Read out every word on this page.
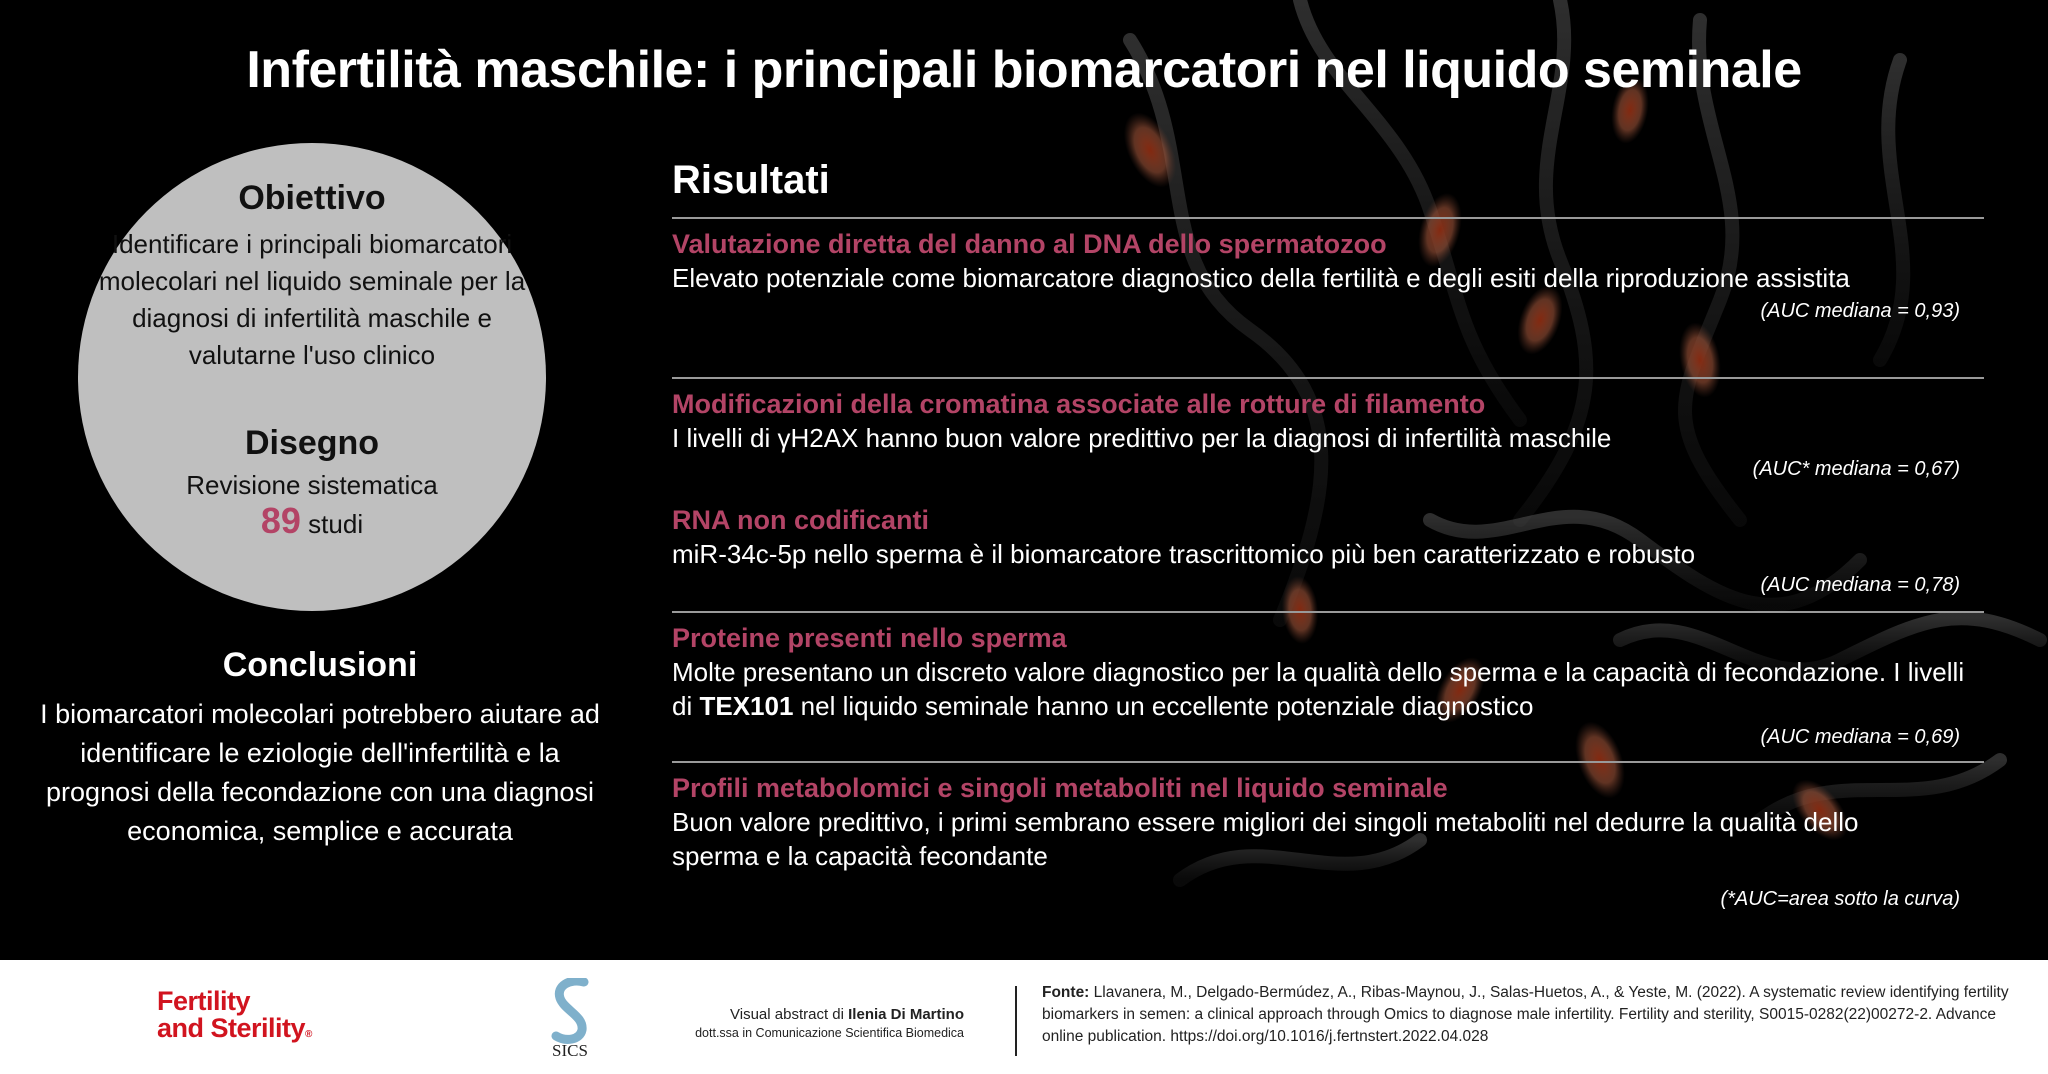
Infertilità maschile: i principali biomarcatori nel liquido seminale
Obiettivo
Identificare i principali biomarcatori molecolari nel liquido seminale per la diagnosi di infertilità maschile e valutarne l'uso clinico
Disegno
Revisione sistematica
89 studi
Conclusioni
I biomarcatori molecolari potrebbero aiutare ad identificare le eziologie dell'infertilità e la prognosi della fecondazione con una diagnosi economica, semplice e accurata
Risultati
Valutazione diretta del danno al DNA dello spermatozoo
Elevato potenziale come biomarcatore diagnostico della fertilità e degli esiti della riproduzione assistita
(AUC mediana = 0,93)
Modificazioni della cromatina associate alle rotture di filamento
I livelli di γH2AX hanno buon valore predittivo per la diagnosi di infertilità maschile
(AUC* mediana = 0,67)
RNA non codificanti
miR-34c-5p nello sperma è il biomarcatore trascrittomico più ben caratterizzato e robusto
(AUC mediana = 0,78)
Proteine presenti nello sperma
Molte presentano un discreto valore diagnostico per la qualità dello sperma e la capacità di fecondazione. I livelli di TEX101 nel liquido seminale hanno un eccellente potenziale diagnostico
(AUC mediana = 0,69)
Profili metabolomici e singoli metaboliti nel liquido seminale
Buon valore predittivo, i primi sembrano essere migliori dei singoli metaboliti nel dedurre la qualità dello sperma e la capacità fecondante
(*AUC=area sotto la curva)
Fertility
and Sterility®
SICS
Visual abstract di Ilenia Di Martino
dott.ssa in Comunicazione Scientifica Biomedica
Fonte: Llavanera, M., Delgado-Bermúdez, A., Ribas-Maynou, J., Salas-Huetos, A., & Yeste, M. (2022). A systematic review identifying fertility biomarkers in semen: a clinical approach through Omics to diagnose male infertility. Fertility and sterility, S0015-0282(22)00272-2. Advance online publication. https://doi.org/10.1016/j.fertnstert.2022.04.028
